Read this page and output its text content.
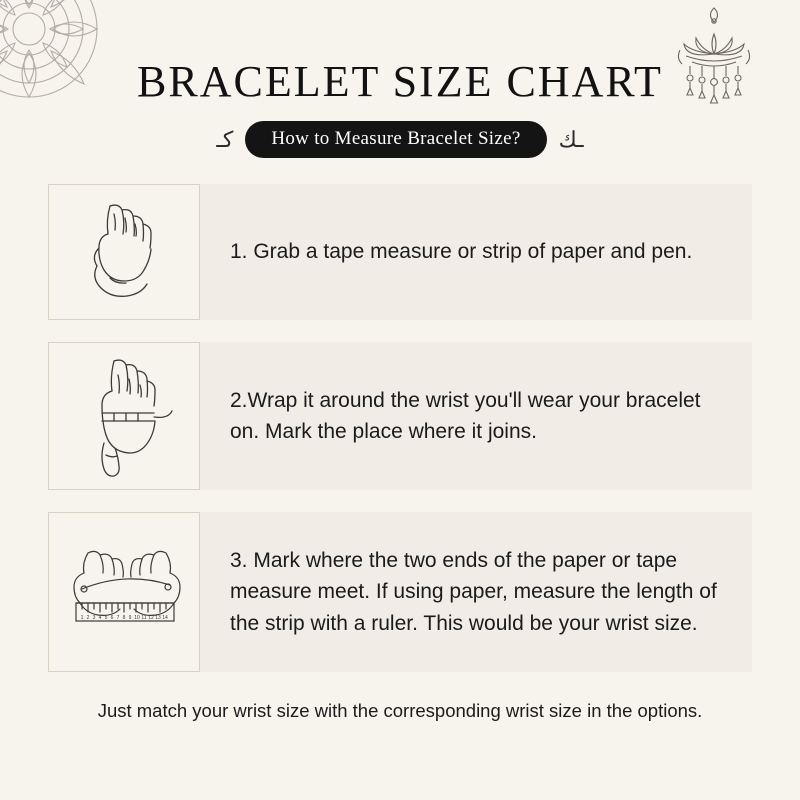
BRACELET SIZE CHART
كـ	How to Measure Bracelet Size?	ـك
1. Grab a tape measure or strip of paper and pen.
2.Wrap it around the wrist you'll wear your bracelet on. Mark the place where it joins.
1 2 3 4 5 6 7 8 9 10 11 12 13 14
3. Mark where the two ends of the paper or tape measure meet. If using paper, measure the length of the strip with a ruler. This would be your wrist size.
Just match your wrist size with the corresponding wrist size in the options.
